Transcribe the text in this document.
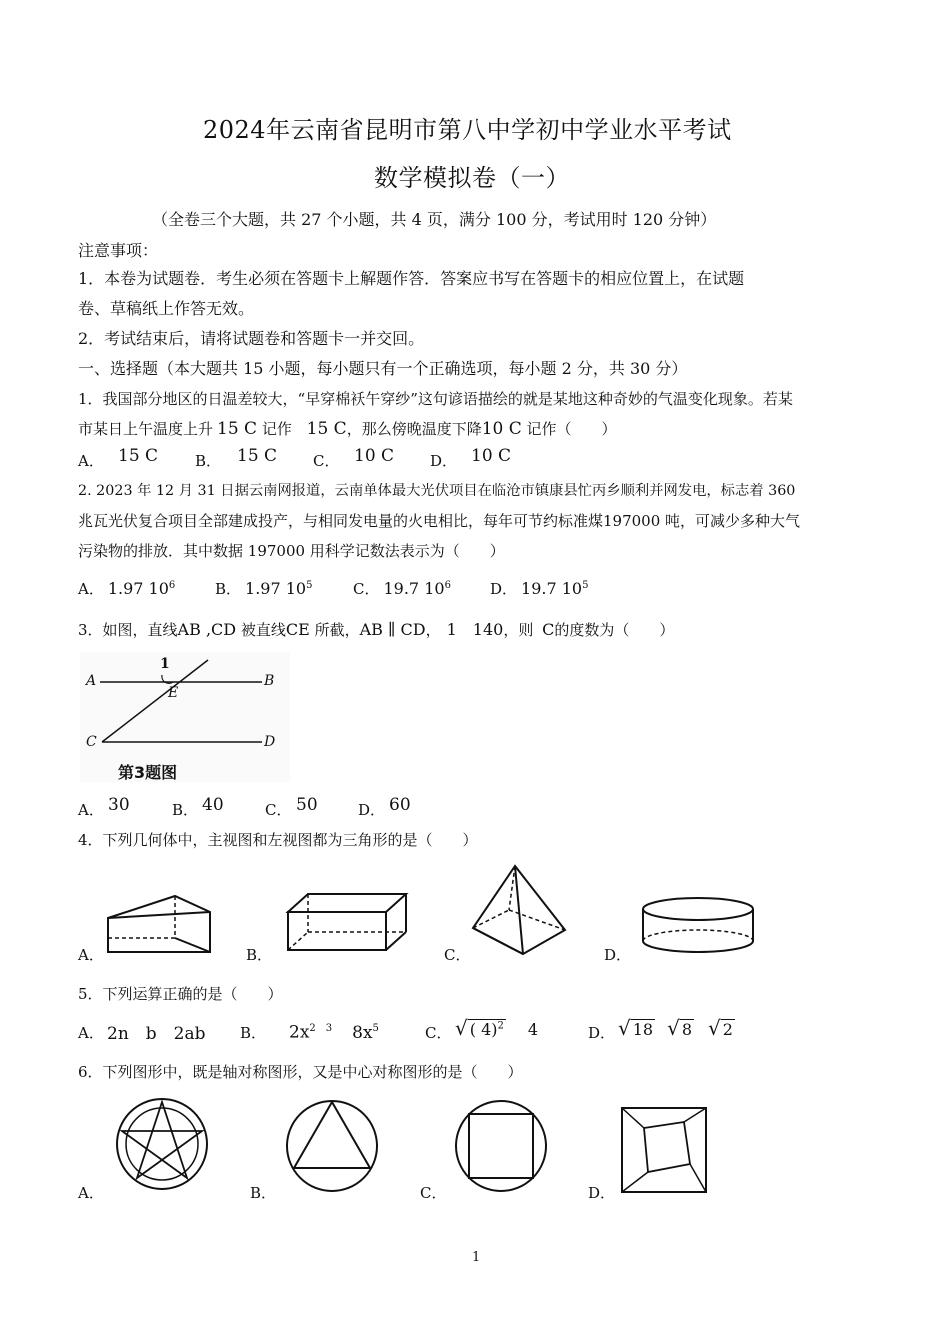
2024年云南省昆明市第八中学初中学业水平考试
数学模拟卷（一）
（全卷三个大题，共 27 个小题，共 4 页，满分 100 分，考试用时 120 分钟）
注意事项：
1．本卷为试题卷．考生必须在答题卡上解题作答．答案应书写在答题卡的相应位置上，在试题
卷、草稿纸上作答无效。
2．考试结束后，请将试题卷和答题卡一并交回。
一、选择题（本大题共 15 小题，每小题只有一个正确选项，每小题 2 分，共 30 分）
1．我国部分地区的日温差较大，“早穿棉袄午穿纱”这句谚语描绘的就是某地这种奇妙的气温变化现象。若某
市某日上午温度上升 15 C 记作 15 C，那么傍晚温度下降10 C 记作（　　）
A． 15 C B． 15 C C． 10 C D． 10 C
2. 2023 年 12 月 31 日据云南网报道，云南单体最大光伏项目在临沧市镇康县忙丙乡顺利并网发电，标志着 360
兆瓦光伏复合项目全部建成投产，与相同发电量的火电相比，每年可节约标准煤197000 吨，可减少多种大气
污染物的排放．其中数据 197000 用科学记数法表示为（　　）
A． 1.97 $10^6$	B． 1.97 $10^5$	C． 19.7 $10^6$	D． 19.7 $10^5$
3．如图，直线AB ,CD 被直线CE 所截，AB ∥ CD， 1　140，则 C的度数为（　　）
A	B
C	D
E
1
第3题图
A． 30	B． 40	C． 50	D． 60
4．下列几何体中，主视图和左视图都为三角形的是（　　）
A．	B．	C．	D．
5．下列运算正确的是（　　）
A． 2n　b　2ab B． $2x^{2 3}$ $8x^5$	C． √ ( 4)$^2$ 4	D． √ 18 √ 8 √ 2
6．下列图形中，既是轴对称图形，又是中心对称图形的是（　　）
A．	B．	C．	D．
1
